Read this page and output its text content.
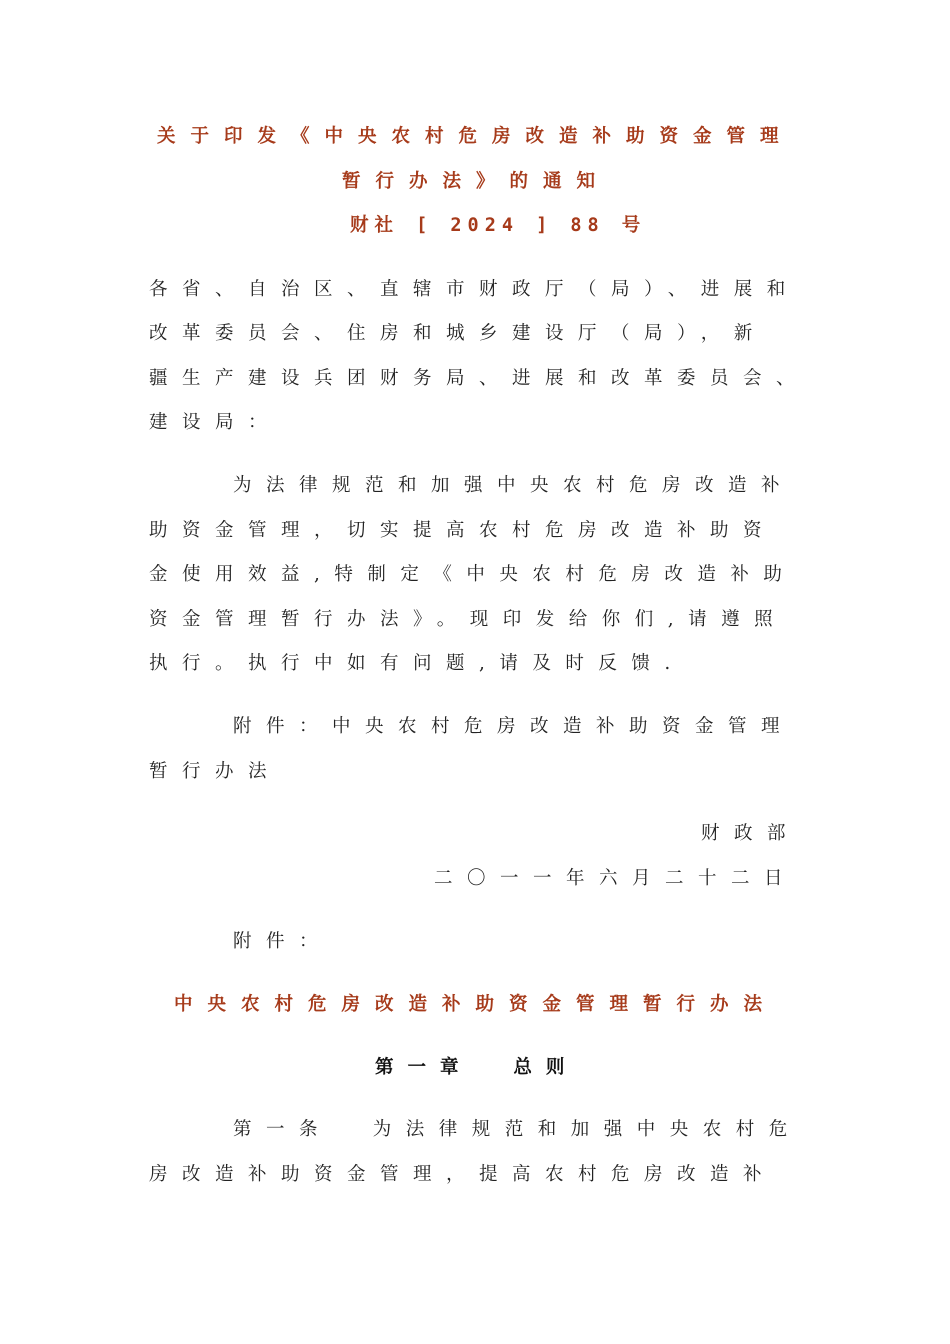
关于印发《中央农村危房改造补助资金管理
暂行办法》的通知
财社 [ 2024 ] 88 号
各省、自治区、直辖市财政厅（局）、进展和
改革委员会、住房和城乡建设厅（局），新
疆生产建设兵团财务局、进展和改革委员会、
建设局：
为法律规范和加强中央农村危房改造补
助资金管理，切实提高农村危房改造补助资
金使用效益,特制定《中央农村危房改造补助
资金管理暂行办法》。现印发给你们,请遵照
执行。执行中如有问题,请及时反馈.
附件：中央农村危房改造补助资金管理
暂行办法
财政部
二〇一一年六月二十二日
附件：
中央农村危房改造补助资金管理暂行办法
第一章  总则
第一条  为法律规范和加强中央农村危
房改造补助资金管理，提高农村危房改造补
